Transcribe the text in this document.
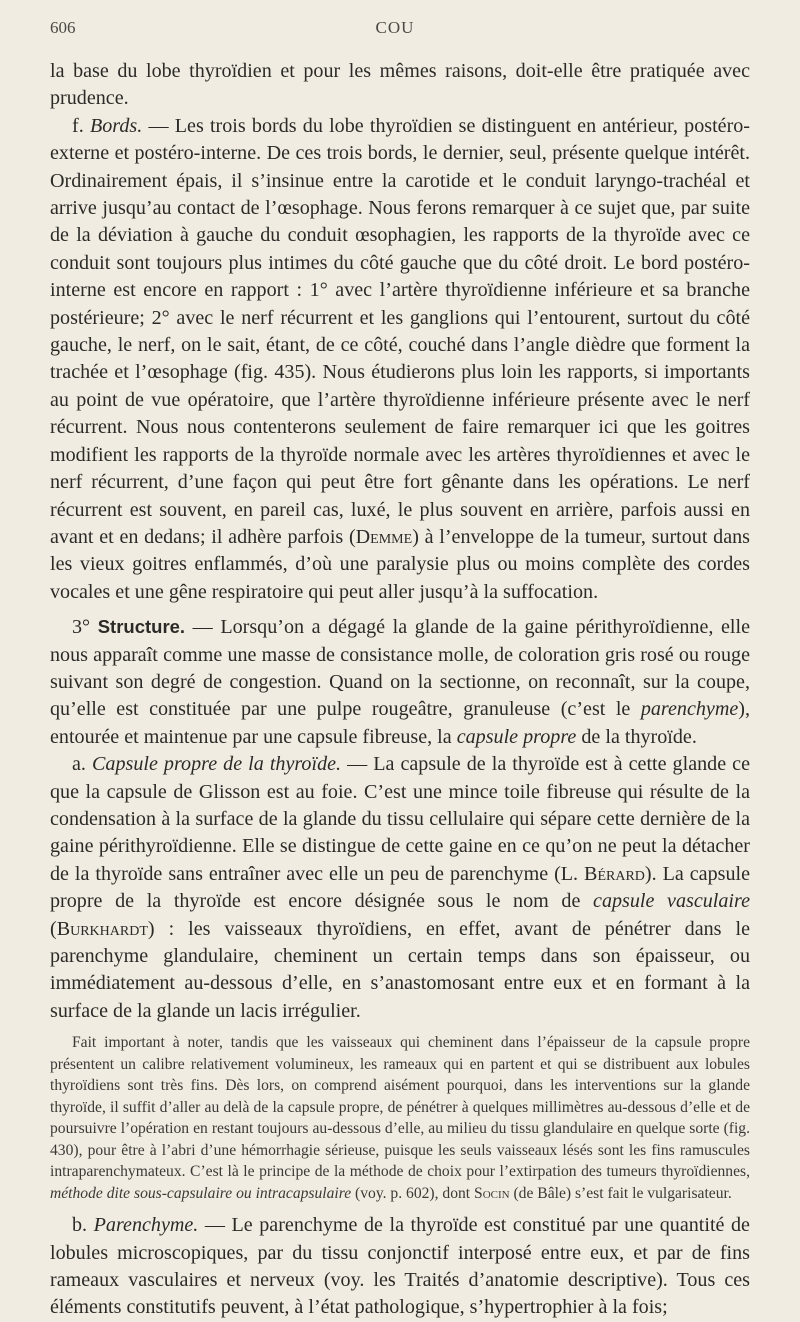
606	COU

la base du lobe thyroïdien et pour les mêmes raisons, doit-elle être pratiquée avec prudence.

f. Bords. — Les trois bords du lobe thyroïdien se distinguent en antérieur, postéro-externe et postéro-interne. De ces trois bords, le dernier, seul, présente quelque intérêt. Ordinairement épais, il s’insinue entre la carotide et le conduit laryngo-trachéal et arrive jusqu’au contact de l’œsophage. Nous ferons remarquer à ce sujet que, par suite de la déviation à gauche du conduit œsophagien, les rapports de la thyroïde avec ce conduit sont toujours plus intimes du côté gauche que du côté droit. Le bord postéro-interne est encore en rapport : 1° avec l’artère thyroïdienne inférieure et sa branche postérieure; 2° avec le nerf récurrent et les ganglions qui l’entourent, surtout du côté gauche, le nerf, on le sait, étant, de ce côté, couché dans l’angle dièdre que forment la trachée et l’œsophage (fig. 435). Nous étudierons plus loin les rapports, si importants au point de vue opératoire, que l’artère thyroïdienne inférieure présente avec le nerf récurrent. Nous nous contenterons seulement de faire remarquer ici que les goitres modifient les rapports de la thyroïde normale avec les artères thyroïdiennes et avec le nerf récurrent, d’une façon qui peut être fort gênante dans les opérations. Le nerf récurrent est souvent, en pareil cas, luxé, le plus souvent en arrière, parfois aussi en avant et en dedans; il adhère parfois (Demme) à l’enveloppe de la tumeur, surtout dans les vieux goitres enflammés, d’où une paralysie plus ou moins complète des cordes vocales et une gêne respiratoire qui peut aller jusqu’à la suffocation.

3° Structure. — Lorsqu’on a dégagé la glande de la gaine périthyroïdienne, elle nous apparaît comme une masse de consistance molle, de coloration gris rosé ou rouge suivant son degré de congestion. Quand on la sectionne, on reconnaît, sur la coupe, qu’elle est constituée par une pulpe rougeâtre, granuleuse (c’est le parenchyme), entourée et maintenue par une capsule fibreuse, la capsule propre de la thyroïde.

a. Capsule propre de la thyroïde. — La capsule de la thyroïde est à cette glande ce que la capsule de Glisson est au foie. C’est une mince toile fibreuse qui résulte de la condensation à la surface de la glande du tissu cellulaire qui sépare cette dernière de la gaine périthyroïdienne. Elle se distingue de cette gaine en ce qu’on ne peut la détacher de la thyroïde sans entraîner avec elle un peu de parenchyme (L. Bérard). La capsule propre de la thyroïde est encore désignée sous le nom de capsule vasculaire (Burkhardt) : les vaisseaux thyroïdiens, en effet, avant de pénétrer dans le parenchyme glandulaire, cheminent un certain temps dans son épaisseur, ou immédiatement au-dessous d’elle, en s’anastomosant entre eux et en formant à la surface de la glande un lacis irrégulier.

Fait important à noter, tandis que les vaisseaux qui cheminent dans l’épaisseur de la capsule propre présentent un calibre relativement volumineux, les rameaux qui en partent et qui se distribuent aux lobules thyroïdiens sont très fins. Dès lors, on comprend aisément pourquoi, dans les interventions sur la glande thyroïde, il suffit d’aller au delà de la capsule propre, de pénétrer à quelques millimètres au-dessous d’elle et de poursuivre l’opération en restant toujours au-dessous d’elle, au milieu du tissu glandulaire en quelque sorte (fig. 430), pour être à l’abri d’une hémorrhagie sérieuse, puisque les seuls vaisseaux lésés sont les fins ramuscules intraparenchymateux. C’est là le principe de la méthode de choix pour l’extirpation des tumeurs thyroïdiennes, méthode dite sous-capsulaire ou intracapsulaire (voy. p. 602), dont Socin (de Bâle) s’est fait le vulgarisateur.

b. Parenchyme. — Le parenchyme de la thyroïde est constitué par une quantité de lobules microscopiques, par du tissu conjonctif interposé entre eux, et par de fins rameaux vasculaires et nerveux (voy. les Traités d’anatomie descriptive). Tous ces éléments constitutifs peuvent, à l’état pathologique, s’hypertrophier à la fois;
